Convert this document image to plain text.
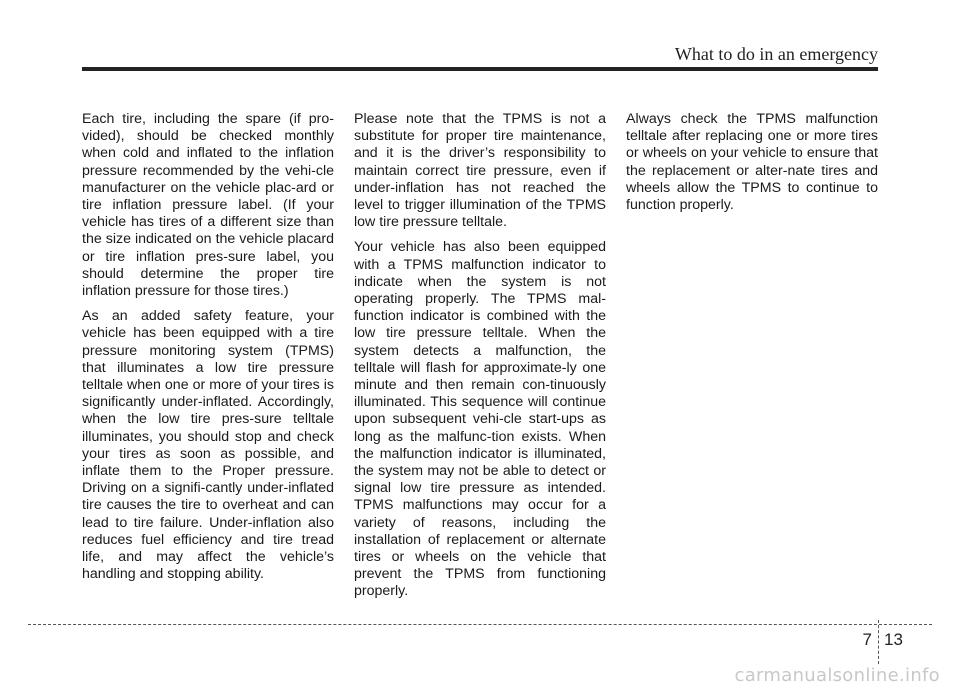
What to do in an emergency

Each tire, including the spare (if pro-vided), should be checked monthly when cold and inflated to the inflation pressure recommended by the vehi-cle manufacturer on the vehicle plac-ard or tire inflation pressure label. (If your vehicle has tires of a different size than the size indicated on the vehicle placard or tire inflation pres-sure label, you should determine the proper tire inflation pressure for those tires.)

As an added safety feature, your vehicle has been equipped with a tire pressure monitoring system (TPMS) that illuminates a low tire pressure telltale when one or more of your tires is significantly under-inflated. Accordingly, when the low tire pres-sure telltale illuminates, you should stop and check your tires as soon as possible, and inflate them to the Proper pressure. Driving on a signifi-cantly under-inflated tire causes the tire to overheat and can lead to tire failure. Under-inflation also reduces fuel efficiency and tire tread life, and may affect the vehicle’s handling and stopping ability.

Please note that the TPMS is not a substitute for proper tire maintenance, and it is the driver’s responsibility to maintain correct tire pressure, even if under-inflation has not reached the level to trigger illumination of the TPMS low tire pressure telltale.

Your vehicle has also been equipped with a TPMS malfunction indicator to indicate when the system is not operating properly. The TPMS mal-function indicator is combined with the low tire pressure telltale. When the system detects a malfunction, the telltale will flash for approximate-ly one minute and then remain con-tinuously illuminated. This sequence will continue upon subsequent vehi-cle start-ups as long as the malfunc-tion exists. When the malfunction indicator is illuminated, the system may not be able to detect or signal low tire pressure as intended. TPMS malfunctions may occur for a variety of reasons, including the installation of replacement or alternate tires or wheels on the vehicle that prevent the TPMS from functioning properly.

Always check the TPMS malfunction telltale after replacing one or more tires or wheels on your vehicle to ensure that the replacement or alter-nate tires and wheels allow the TPMS to continue to function properly.

7 13
carmanualsonline.info
